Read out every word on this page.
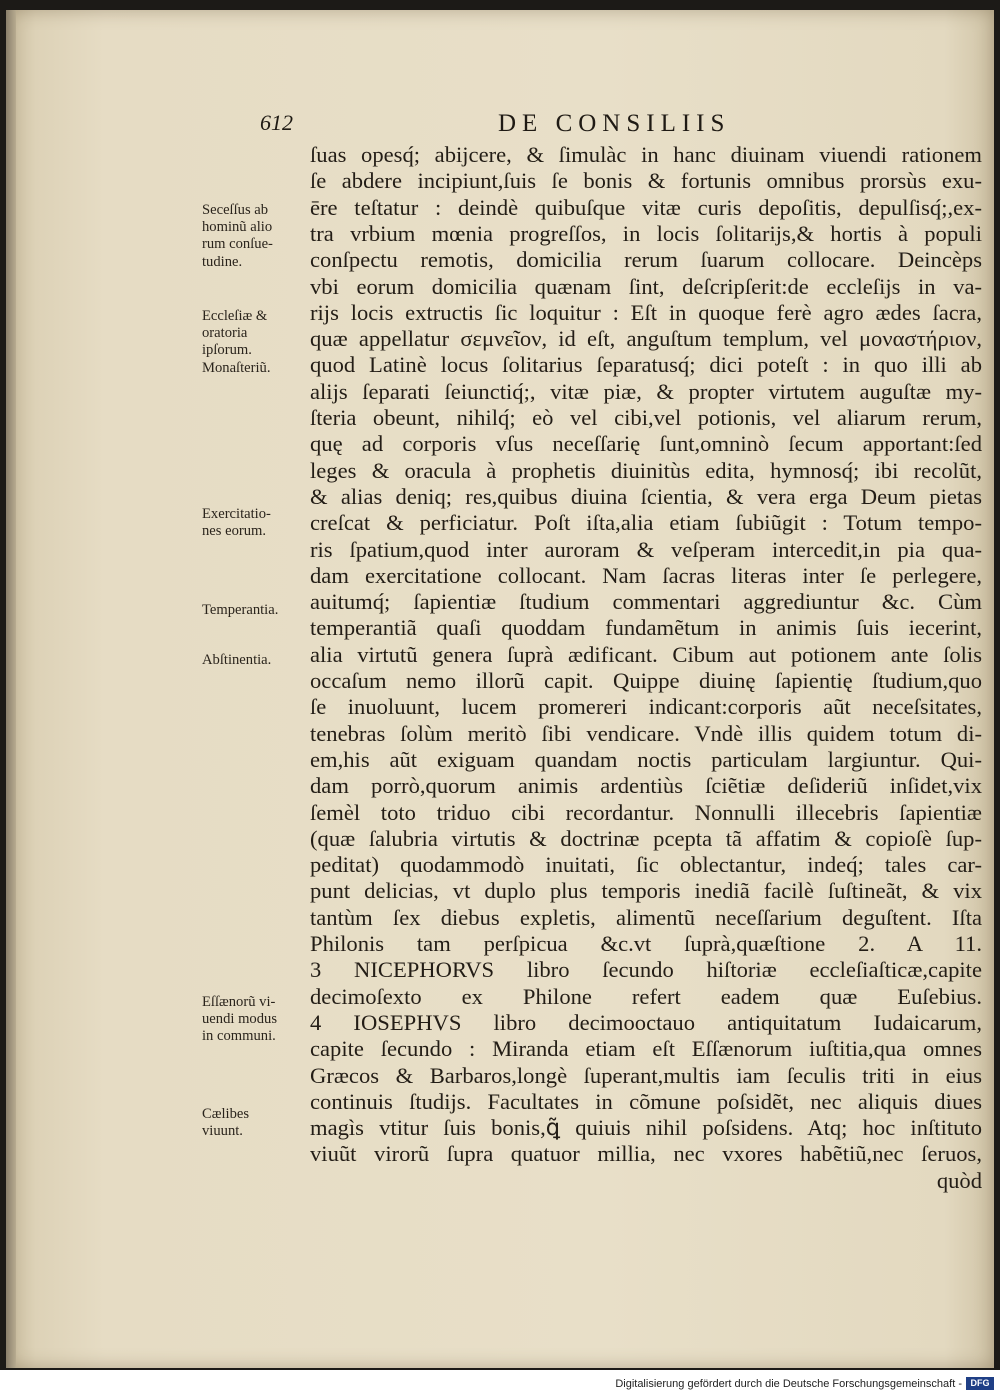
612	DE CONSILIIS
Seceſſus ab
hominũ alio
rum conſue-
tudine.
Eccleſiæ &
oratoria
ipſorum.
Monaſteriũ.
Exercitatio-
nes eorum.
Temperantia.
Abſtinentia.
Eſſænorũ vi-
uendi modus
in communi.
Cælibes
viuunt.
ſuas opesq́; abijcere, & ſimulàc in hanc diuinam viuendi rationem
ſe abdere incipiunt,ſuis ſe bonis & fortunis omnibus prorsùs exu-
ēre teſtatur : deindè quibuſque vitæ curis depoſitis, depulſisq́;,ex-
tra vrbium mœnia progreſſos, in locis ſolitarijs,& hortis à populi
conſpectu remotis, domicilia rerum ſuarum collocare. Deincèps
vbi eorum domicilia quænam ſint, deſcripſerit:de eccleſijs in va-
rijs locis extructis ſic loquitur : Eſt in quoque ferè agro ædes ſacra,
quæ appellatur σεμνεῖον, id eſt, anguſtum templum, vel μοναστήριον,
quod Latinè locus ſolitarius ſeparatusq́; dici poteſt : in quo illi ab
alijs ſeparati ſeiunctiq́;, vitæ piæ, & propter virtutem auguſtæ my-
ſteria obeunt, nihilq́; eò vel cibi,vel potionis, vel aliarum rerum,
quę ad corporis vſus neceſſarię ſunt,omninò ſecum apportant:ſed
leges & oracula à prophetis diuinitùs edita, hymnosq́; ibi recolũt,
& alias deniq; res,quibus diuina ſcientia, & vera erga Deum pietas
creſcat & perficiatur. Poſt iſta,alia etiam ſubiũgit : Totum tempo-
ris ſpatium,quod inter auroram & veſperam intercedit,in pia qua-
dam exercitatione collocant. Nam ſacras literas inter ſe perlegere,
auitumq́; ſapientiæ ſtudium commentari aggrediuntur &c. Cùm
temperantiã quaſi quoddam fundamẽtum in animis ſuis iecerint,
alia virtutũ genera ſuprà ædificant. Cibum aut potionem ante ſolis
occaſum nemo illorũ capit. Quippe diuinę ſapientię ſtudium,quo
ſe inuoluunt, lucem promereri indicant:corporis aũt neceſsitates,
tenebras ſolùm meritò ſibi vendicare. Vndè illis quidem totum di-
em,his aũt exiguam quandam noctis particulam largiuntur. Qui-
dam porrò,quorum animis ardentiùs ſciẽtiæ deſideriũ inſidet,vix
ſemèl toto triduo cibi recordantur. Nonnulli illecebris ſapientiæ
(quæ ſalubria virtutis & doctrinæ pcepta tã affatim & copioſè ſup-
peditat) quodammodò inuitati, ſic oblectantur, indeq́; tales car-
punt delicias, vt duplo plus temporis inediã facilè ſuſtineãt, & vix
tantùm ſex diebus expletis, alimentũ neceſſarium deguſtent. Iſta
Philonis tam perſpicua &c.vt ſuprà,quæſtione 2. A 11.
3 NICEPHORVS libro ſecundo hiſtoriæ eccleſiaſticæ,capite
decimoſexto ex Philone refert eadem quæ Euſebius.
4 IOSEPHVS libro decimooctauo antiquitatum Iudaicarum,
capite ſecundo : Miranda etiam eſt Eſſænorum iuſtitia,qua omnes
Græcos & Barbaros,longè ſuperant,multis iam ſeculis triti in eius
continuis ſtudijs. Facultates in cõmune poſsidẽt, nec aliquis diues
magìs vtitur ſuis bonis,ꝗ̃ quiuis nihil poſsidens. Atq; hoc inſtituto
viuũt virorũ ſupra quatuor millia, nec vxores habẽtiũ,nec ſeruos,
quòd
Digitalisierung gefördert durch die Deutsche Forschungsgemeinschaft - DFG
